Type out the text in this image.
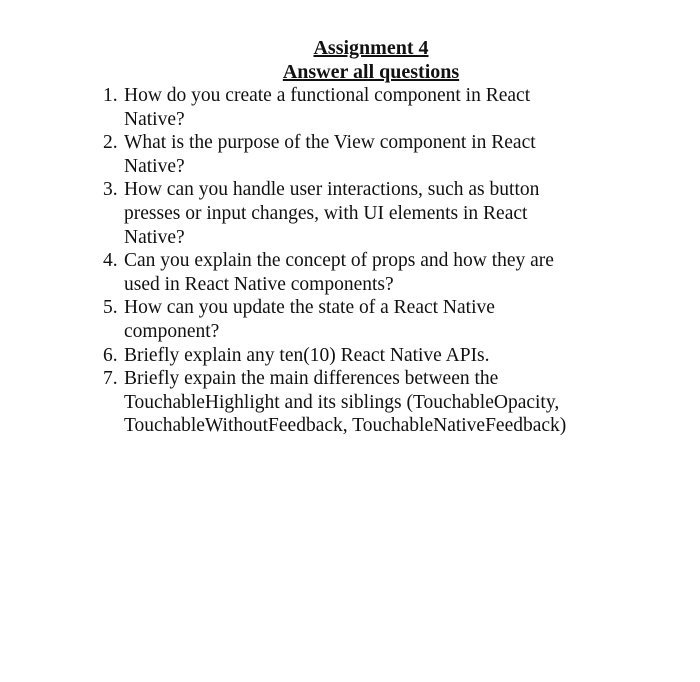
Assignment 4

Answer all questions

1. How do you create a functional component in React
Native?
2. What is the purpose of the View component in React
Native?
3. How can you handle user interactions, such as button
presses or input changes, with UI elements in React
Native?
4. Can you explain the concept of props and how they are
used in React Native components?
5. How can you update the state of a React Native
component?
6. Briefly explain any ten(10) React Native APIs.
7. Briefly expain the main differences between the
TouchableHighlight and its siblings (TouchableOpacity,
TouchableWithoutFeedback, TouchableNativeFeedback)
